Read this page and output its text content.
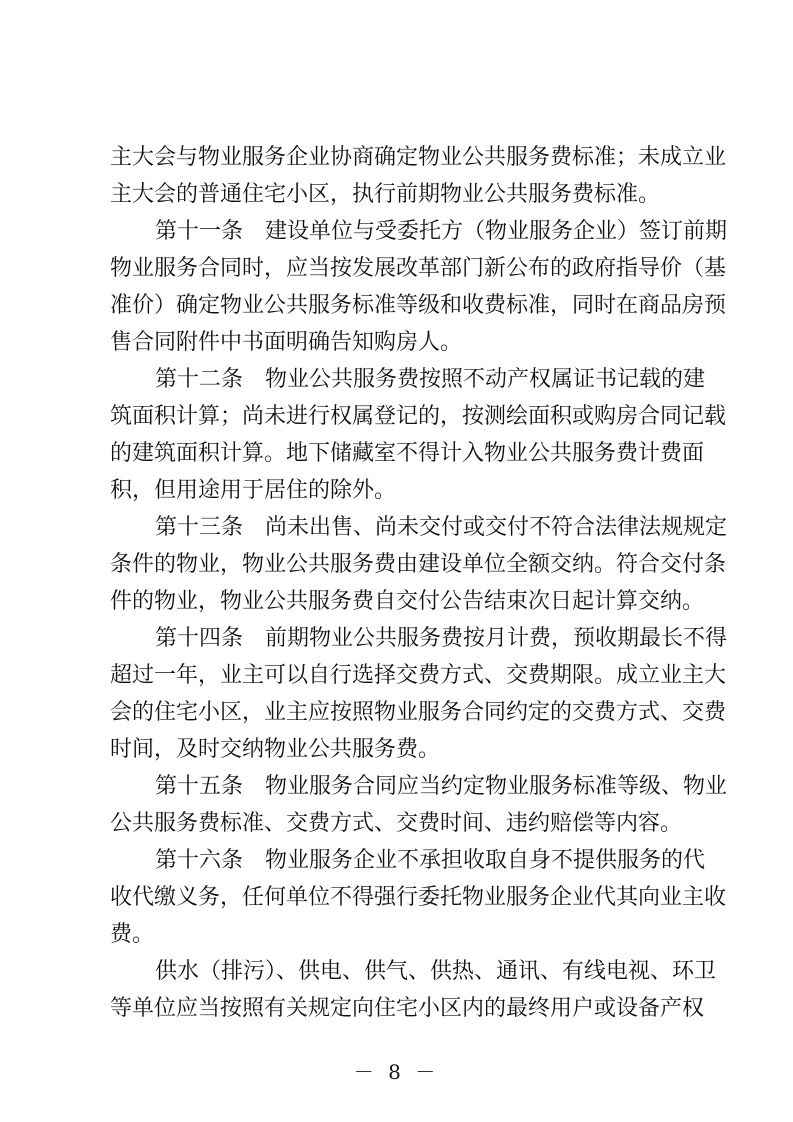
主大会与物业服务企业协商确定物业公共服务费标准；未成立业
主大会的普通住宅小区，执行前期物业公共服务费标准。
第十一条　建设单位与受委托方（物业服务企业）签订前期
物业服务合同时，应当按发展改革部门新公布的政府指导价（基
准价）确定物业公共服务标准等级和收费标准，同时在商品房预
售合同附件中书面明确告知购房人。
第十二条　物业公共服务费按照不动产权属证书记载的建
筑面积计算；尚未进行权属登记的，按测绘面积或购房合同记载
的建筑面积计算。地下储藏室不得计入物业公共服务费计费面
积，但用途用于居住的除外。
第十三条　尚未出售、尚未交付或交付不符合法律法规规定
条件的物业，物业公共服务费由建设单位全额交纳。符合交付条
件的物业，物业公共服务费自交付公告结束次日起计算交纳。
第十四条　前期物业公共服务费按月计费，预收期最长不得
超过一年，业主可以自行选择交费方式、交费期限。成立业主大
会的住宅小区，业主应按照物业服务合同约定的交费方式、交费
时间，及时交纳物业公共服务费。
第十五条　物业服务合同应当约定物业服务标准等级、物业
公共服务费标准、交费方式、交费时间、违约赔偿等内容。
第十六条　物业服务企业不承担收取自身不提供服务的代
收代缴义务，任何单位不得强行委托物业服务企业代其向业主收
费。
供水（排污）、供电、供气、供热、通讯、有线电视、环卫
等单位应当按照有关规定向住宅小区内的最终用户或设备产权
－ 8 －
